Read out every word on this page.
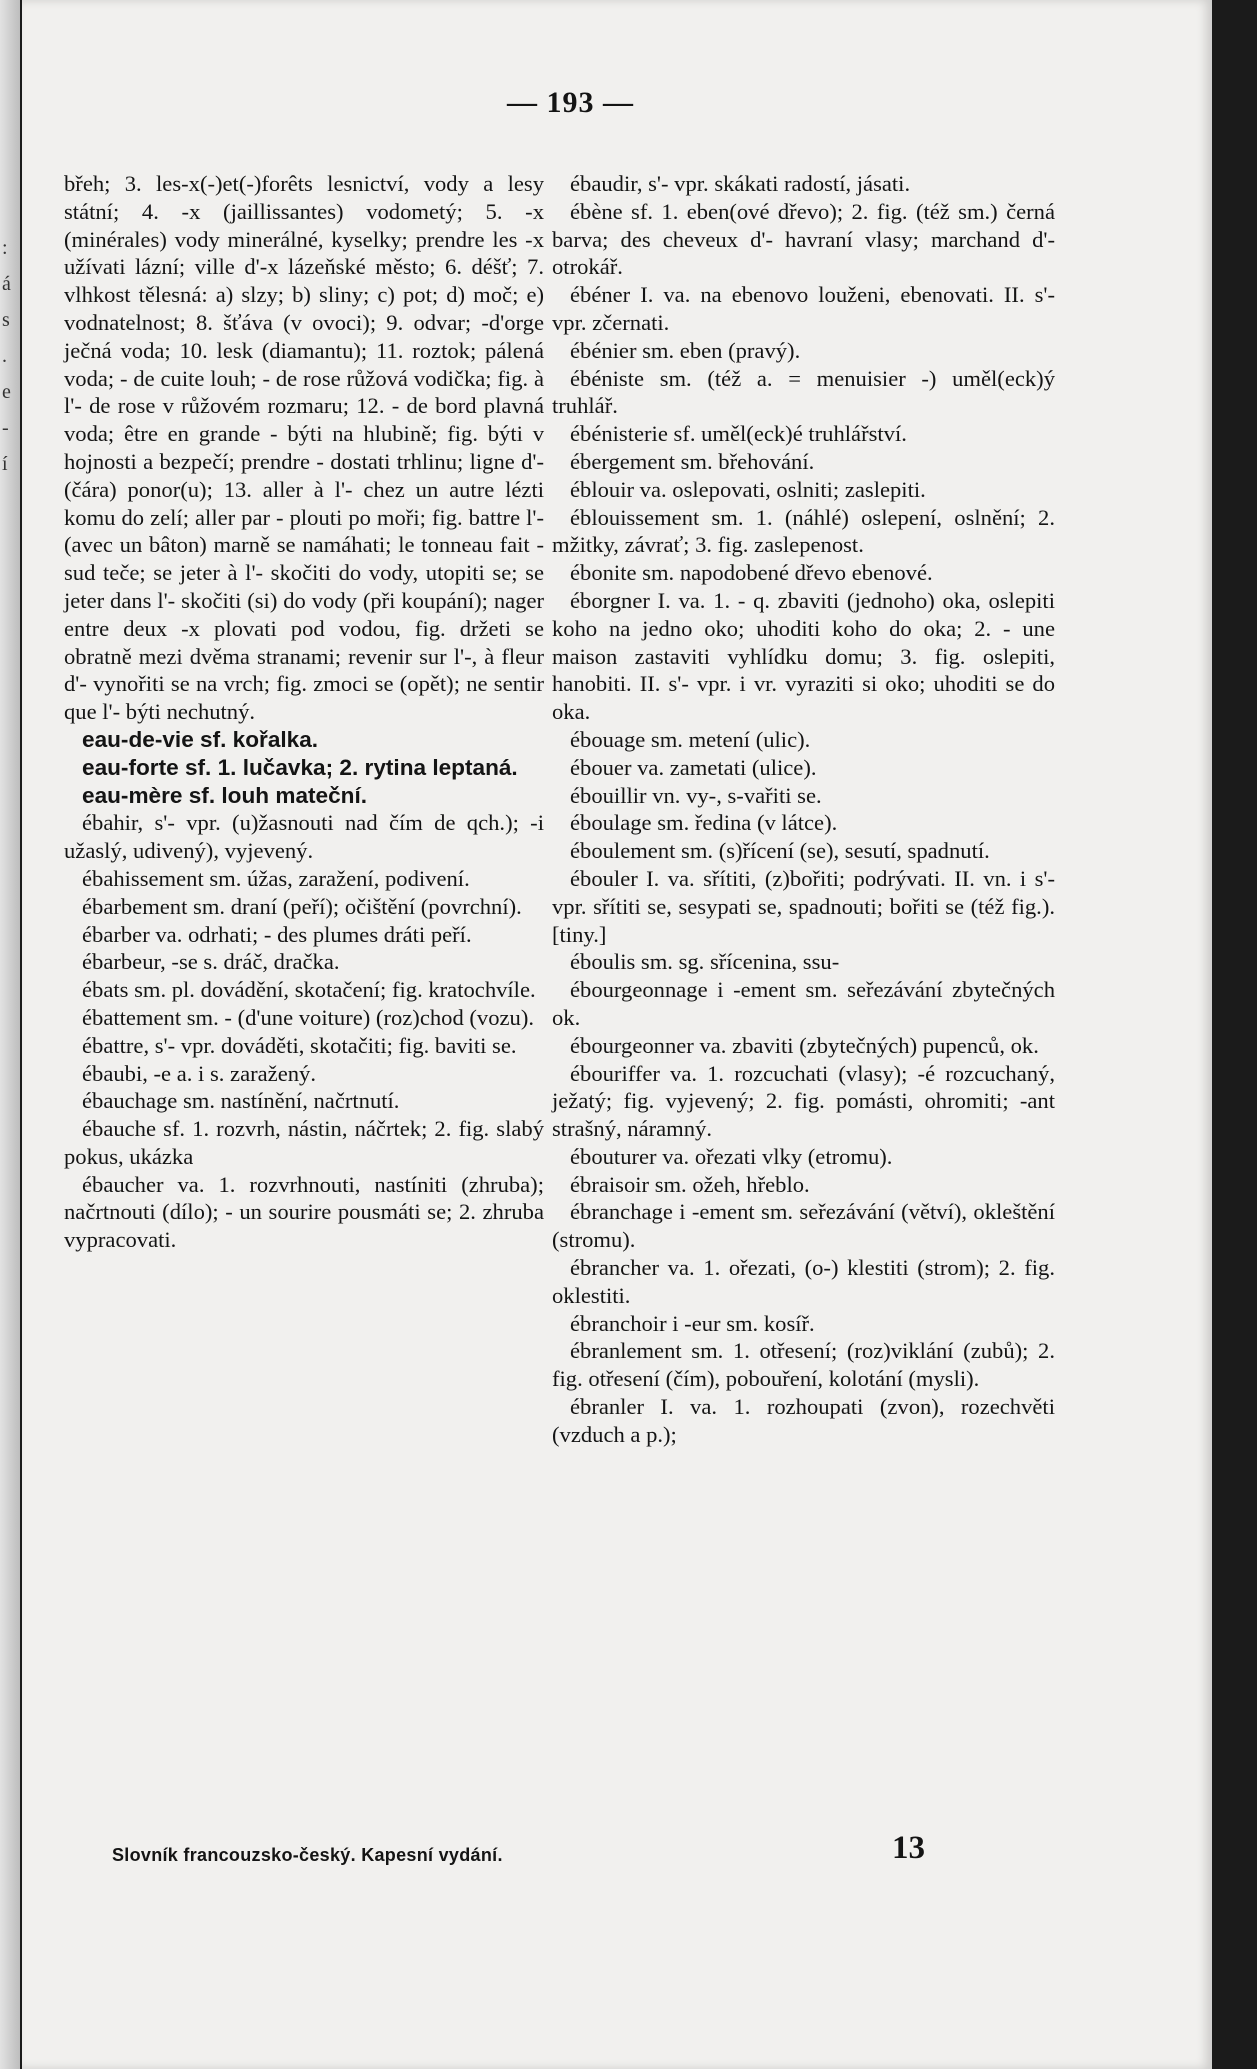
:
á
s
.
e
-
í
— 193 —

břeh; 3. les-x(-)et(-)forêts lesnictví, vody a lesy státní; 4. -x (jaillissantes) vodometý; 5. -x (minérales) vody minerálné, kyselky; prendre les -x užívati lázní; ville d'-x lázeňské město; 6. déšť; 7. vlhkost tělesná: a) slzy; b) sliny; c) pot; d) moč; e) vodnatelnost; 8. šťáva (v ovoci); 9. odvar; -d'orge ječná voda; 10. lesk (diamantu); 11. roztok; pálená voda; - de cuite louh; - de rose růžová vodička; fig. à l'- de rose v růžovém rozmaru; 12. - de bord plavná voda; être en grande - býti na hlubině; fig. býti v hojnosti a bezpečí; prendre - dostati trhlinu; ligne d'- (čára) ponor(u); 13. aller à l'- chez un autre lézti komu do zelí; aller par - plouti po moři; fig. battre l'- (avec un bâton) marně se namáhati; le tonneau fait - sud teče; se jeter à l'- skočiti do vody, utopiti se; se jeter dans l'- skočiti (si) do vody (při koupání); nager entre deux -x plovati pod vodou, fig. držeti se obratně mezi dvěma stranami; revenir sur l'-, à fleur d'- vynořiti se na vrch; fig. zmoci se (opět); ne sentir que l'- býti nechutný.

eau-de-vie sf. kořalka.

eau-forte sf. 1. lučavka; 2. rytina leptaná.

eau-mère sf. louh mateční.

ébahir, s'- vpr. (u)žasnouti nad čím de qch.); -i užaslý, udivený), vyjevený.

ébahissement sm. úžas, zaražení, podivení.

ébarbement sm. draní (peří); očištění (povrchní).

ébarber va. odrhati; - des plumes dráti peří.

ébarbeur, -se s. dráč, dračka.

ébats sm. pl. dovádění, skotačení; fig. kratochvíle.

ébattement sm. - (d'une voiture) (roz)chod (vozu).

ébattre, s'- vpr. dováděti, skotačiti; fig. baviti se.

ébaubi, -e a. i s. zaražený.

ébauchage sm. nastínění, načrtnutí.

ébauche sf. 1. rozvrh, nástin, náčrtek; 2. fig. slabý pokus, ukázka

ébaucher va. 1. rozvrhnouti, nastíniti (zhruba); načrtnouti (dílo); - un sourire pousmáti se; 2. zhruba vypracovati.

ébaudir, s'- vpr. skákati radostí, jásati.

ébène sf. 1. eben(ové dřevo); 2. fig. (též sm.) černá barva; des cheveux d'- havraní vlasy; marchand d'- otrokář.

ébéner I. va. na ebenovo louženi, ebenovati. II. s'- vpr. zčernati.

ébénier sm. eben (pravý).

ébéniste sm. (též a. = menuisier -) uměl(eck)ý truhlář.

ébénisterie sf. uměl(eck)é truhlářství.

ébergement sm. břehování.

éblouir va. oslepovati, oslniti; zaslepiti.

éblouissement sm. 1. (náhlé) oslepení, oslnění; 2. mžitky, závrať; 3. fig. zaslepenost.

ébonite sm. napodobené dřevo ebenové.

éborgner I. va. 1. - q. zbaviti (jednoho) oka, oslepiti koho na jedno oko; uhoditi koho do oka; 2. - une maison zastaviti vyhlídku domu; 3. fig. oslepiti, hanobiti. II. s'- vpr. i vr. vyraziti si oko; uhoditi se do oka.

ébouage sm. metení (ulic).

ébouer va. zametati (ulice).

ébouillir vn. vy-, s-vařiti se.

éboulage sm. ředina (v látce).

éboulement sm. (s)řícení (se), sesutí, spadnutí.

ébouler I. va. sřítiti, (z)bořiti; podrývati. II. vn. i s'- vpr. sřítiti se, sesypati se, spadnouti; bořiti se (též fig.). [tiny.]

éboulis sm. sg. sřícenina, ssu-

ébourgeonnage i -ement sm. seřezávání zbytečných ok.

ébourgeonner va. zbaviti (zbytečných) pupenců, ok.

ébouriffer va. 1. rozcuchati (vlasy); -é rozcuchaný, ježatý; fig. vyjevený; 2. fig. pomásti, ohromiti; -ant strašný, náramný.

ébouturer va. ořezati vlky (etromu).

ébraisoir sm. ožeh, hřeblo.

ébranchage i -ement sm. seřezávání (větví), okleštění (stromu).

ébrancher va. 1. ořezati, (o-) klestiti (strom); 2. fig. oklestiti.

ébranchoir i -eur sm. kosíř.

ébranlement sm. 1. otřesení; (roz)viklání (zubů); 2. fig. otřesení (čím), pobouření, kolotání (mysli).

ébranler I. va. 1. rozhoupati (zvon), rozechvěti (vzduch a p.);

Slovník francouzsko-český. Kapesní vydání.	13
